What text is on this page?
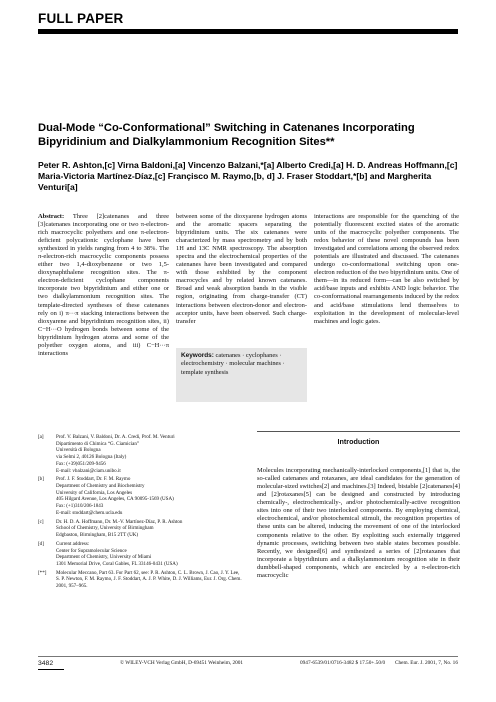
FULL PAPER
Dual-Mode “Co-Conformational” Switching in Catenanes Incorporating Bipyridinium and Dialkylammonium Recognition Sites**
Peter R. Ashton,[c] Virna Baldoni,[a] Vincenzo Balzani,*[a] Alberto Credi,[a] H. D. Andreas Hoffmann,[c] Maria-Victoria Martínez-Díaz,[c] Françisco M. Raymo,[b, d] J. Fraser Stoddart,*[b] and Margherita Venturi[a]
Abstract: Three [2]catenanes and three [3]catenanes incorporating one or two π-electron-rich macrocyclic polyethers and one π-electron-deficient polycationic cyclophane have been synthesized in yields ranging from 4 to 38%. The π-electron-rich macrocyclic components possess either two 1,4-dioxybenzene or two 1,5-dioxynaphthalene recognition sites. The π-electron-deficient cyclophane components incorporate two bipyridinium and either one or two dialkylammonium recognition sites. The template-directed syntheses of these catenanes rely on i) π···π stacking interactions between the dioxyarene and bipyridinium recognition sites, ii) C−H···O hydrogen bonds between some of the bipyridinium hydrogen atoms and some of the polyether oxygen atoms, and iii) C−H···π interactions
between some of the dioxyarene hydrogen atoms and the aromatic spacers separating the bipyridinium units. The six catenanes were characterized by mass spectrometry and by both 1H and 13C NMR spectroscopy. The absorption spectra and the electrochemical properties of the catenanes have been investigated and compared with those exhibited by the component macrocycles and by related known catenanes. Broad and weak absorption bands in the visible region, originating from charge-transfer (CT) interactions between electron-donor and electron-acceptor units, have been observed. Such charge-transfer
interactions are responsible for the quenching of the potentially fluorescent excited states of the aromatic units of the macrocyclic polyether components. The redox behavior of these novel compounds has been investigated and correlations among the observed redox potentials are illustrated and discussed. The catenanes undergo co-conformational switching upon one-electron reduction of the two bipyridinium units. One of them—in its reduced form—can be also switched by acid/base inputs and exhibits AND logic behavior. The co-conformational rearrangements induced by the redox and acid/base stimulations lend themselves to exploitation in the development of molecular-level machines and logic gates.
Keywords: catenanes · cyclophanes · electrochemistry · molecular machines · template synthesis
[a] Prof. V. Balzani, V. Baldoni, Dr. A. Credi, Prof. M. Venturi
Dipartimento di Chimica “G. Ciamician”
Università di Bologna
via Selmi 2, 40126 Bologna (Italy)
Fax: (+39)051/209-9456
E-mail: vbalzani@ciam.unibo.it
[b] Prof. J. F. Stoddart, Dr. F. M. Raymo
Department of Chemistry and Biochemistry
University of California, Los Angeles
405 Hilgard Avenue, Los Angeles, CA 90095-1569 (USA)
Fax: (+1)310/206-1843
E-mail: stoddart@chem.ucla.edu
[c] Dr. H. D. A. Hoffmann, Dr. M.-V. Martínez-Díaz, P. R. Ashton
School of Chemistry, University of Birmingham
Edgbaston, Birmingham, B15 2TT (UK)
[d] Current address:
Center for Supramolecular Science
Department of Chemistry, University of Miami
1301 Memorial Drive, Coral Gables, FL 33146-0431 (USA)
[**] Molecular Meccano, Part 63. For Part 62, see: P. R. Ashton, C. L. Brown, J. Cao, J. Y. Lee, S. P. Newton, F. M. Raymo, J. F. Stoddart, A. J. P. White, D. J. Williams, Eur. J. Org. Chem. 2001, 957–965.
Introduction
Molecules incorporating mechanically-interlocked components,[1] that is, the so-called catenanes and rotaxanes, are ideal candidates for the generation of molecular-sized switches[2] and machines.[3] Indeed, bistable [2]catenanes[4] and [2]rotaxanes[5] can be designed and constructed by introducing chemically-, electrochemically-, and/or photochemically-active recognition sites into one of their two interlocked components. By employing chemical, electrochemical, and/or photochemical stimuli, the recognition properties of these units can be altered, inducing the movement of one of the interlocked components relative to the other. By exploiting such externally triggered dynamic processes, switching between two stable states becomes possible. Recently, we designed[6] and synthesized a series of [2]rotaxanes that incorporate a bipyridinium and a dialkylammonium recognition site in their dumbbell-shaped components, which are encircled by a π-electron-rich macrocyclic
3482	© WILEY-VCH Verlag GmbH, D-69451 Weinheim, 2001	0947-6539/01/0716-3482 $ 17.50+.50/0 Chem. Eur. J. 2001, 7, No. 16
